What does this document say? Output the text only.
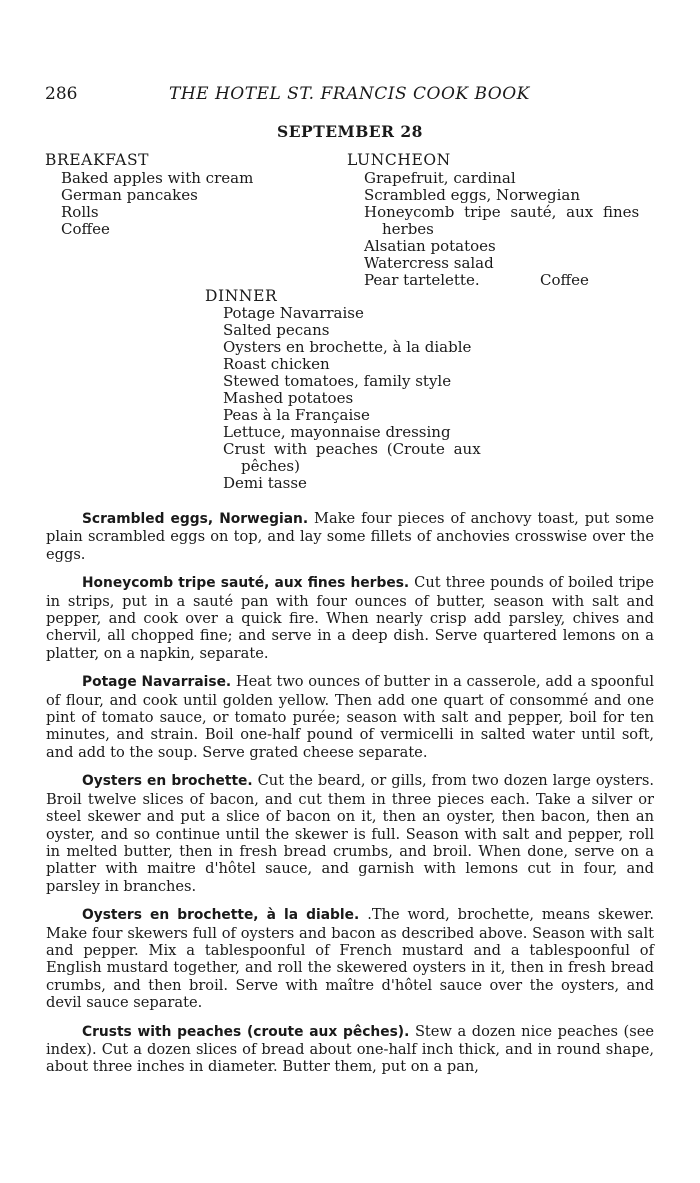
286	THE HOTEL ST. FRANCIS COOK BOOK
SEPTEMBER 28
BREAKFAST
Baked apples with cream
German pancakes
Rolls
Coffee
LUNCHEON
Grapefruit, cardinal
Scrambled eggs, Norwegian
Honeycomb tripe sauté, aux fines
herbes
Alsatian potatoes
Watercress salad
Pear tartelette.	Coffee
DINNER
Potage Navarraise
Salted pecans
Oysters en brochette, à la diable
Roast chicken
Stewed tomatoes, family style
Mashed potatoes
Peas à la Française
Lettuce, mayonnaise dressing
Crust with peaches (Croute aux
pêches)
Demi tasse

Scrambled eggs, Norwegian. Make four pieces of anchovy toast, put some plain scrambled eggs on top, and lay some fillets of anchovies crosswise over the eggs.

Honeycomb tripe sauté, aux fines herbes. Cut three pounds of boiled tripe in strips, put in a sauté pan with four ounces of butter, season with salt and pepper, and cook over a quick fire. When nearly crisp add parsley, chives and chervil, all chopped fine; and serve in a deep dish. Serve quartered lemons on a platter, on a napkin, separate.

Potage Navarraise. Heat two ounces of butter in a casserole, add a spoonful of flour, and cook until golden yellow. Then add one quart of consommé and one pint of tomato sauce, or tomato purée; season with salt and pepper, boil for ten minutes, and strain. Boil one-half pound of vermicelli in salted water until soft, and add to the soup. Serve grated cheese separate.

Oysters en brochette. Cut the beard, or gills, from two dozen large oysters. Broil twelve slices of bacon, and cut them in three pieces each. Take a silver or steel skewer and put a slice of bacon on it, then an oyster, then bacon, then an oyster, and so continue until the skewer is full. Season with salt and pepper, roll in melted butter, then in fresh bread crumbs, and broil. When done, serve on a platter with maitre d'hôtel sauce, and garnish with lemons cut in four, and parsley in branches.

Oysters en brochette, à la diable. .The word, brochette, means skewer. Make four skewers full of oysters and bacon as described above. Season with salt and pepper. Mix a tablespoonful of French mustard and a tablespoonful of English mustard together, and roll the skewered oysters in it, then in fresh bread crumbs, and then broil. Serve with maître d'hôtel sauce over the oysters, and devil sauce separate.

Crusts with peaches (croute aux pêches). Stew a dozen nice peaches (see index). Cut a dozen slices of bread about one-half inch thick, and in round shape, about three inches in diameter. Butter them, put on a pan,
